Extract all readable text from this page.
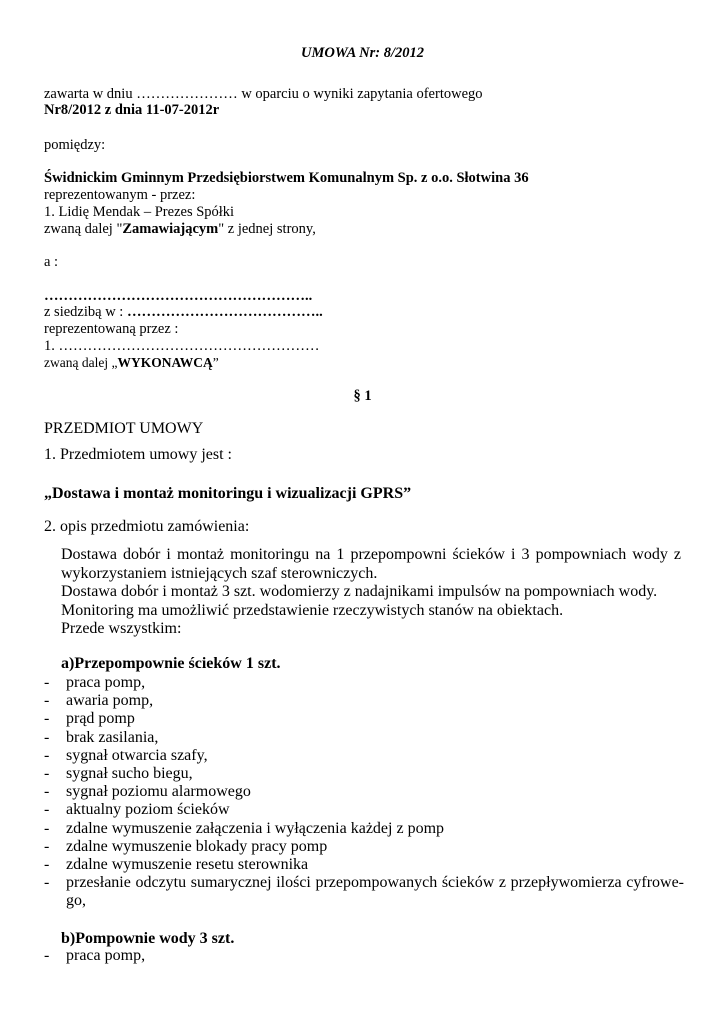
UMOWA Nr: 8/2012
zawarta w dniu ………………… w oparciu o wyniki zapytania ofertowego
Nr8/2012 z dnia 11-07-2012r
pomiędzy:
Świdnickim Gminnym Przedsiębiorstwem Komunalnym Sp. z o.o. Słotwina 36
reprezentowanym - przez:
1. Lidię Mendak – Prezes Spółki
zwaną dalej "Zamawiającym" z jednej strony,
a :
………………………………………………..
z siedzibą w : …………………………………..
reprezentowaną przez :
1. ………………………………………………
zwaną dalej „WYKONAWCĄ”
§ 1
PRZEDMIOT UMOWY
1. Przedmiotem umowy jest :
„Dostawa i montaż monitoringu i wizualizacji GPRS”
2. opis przedmiotu zamówienia:
Dostawa dobór i montaż monitoringu na 1 przepompowni ścieków i 3 pompowniach wody z wykorzystaniem istniejących szaf sterowniczych.
Dostawa dobór i montaż 3 szt. wodomierzy z nadajnikami impulsów na pompowniach wody.
Monitoring ma umożliwić przedstawienie rzeczywistych stanów na obiektach.
Przede wszystkim:
a)Przepompownie ścieków 1 szt.
- praca pomp,
- awaria pomp,
- prąd pomp
- brak zasilania,
- sygnał otwarcia szafy,
- sygnał sucho biegu,
- sygnał poziomu alarmowego
- aktualny poziom ścieków
- zdalne wymuszenie załączenia i wyłączenia każdej z pomp
- zdalne wymuszenie blokady pracy pomp
- zdalne wymuszenie resetu sterownika
- przesłanie odczytu sumarycznej ilości przepompowanych ścieków z przepływomierza cyfrowe-go,
b)Pompownie wody 3 szt.
- praca pomp,
